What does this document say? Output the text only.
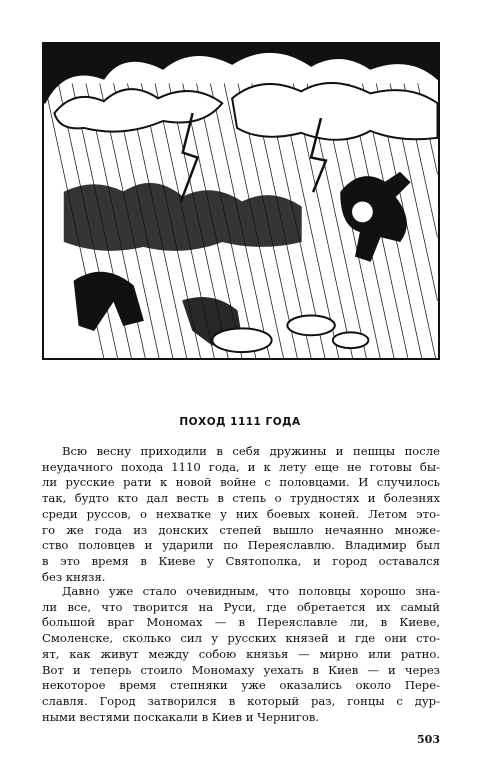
ПОХОД 1111 ГОДА
Всю весну приходили в себя дружины и пешцы после
неудачного похода 1110 года, и к лету еще не готовы бы-
ли русские рати к новой войне с половцами. И случилось
так, будто кто дал весть в степь о трудностях и болезнях
среди руссов, о нехватке у них боевых коней. Летом это-
го же года из донских степей вышло нечаянно множе-
ство половцев и ударили по Переяславлю. Владимир был
в это время в Киеве у Святополка, и город оставался
без князя.
Давно уже стало очевидным, что половцы хорошо зна-
ли все, что творится на Руси, где обретается их самый
большой враг Мономах — в Переяславле ли, в Киеве,
Смоленске, сколько сил у русских князей и где они сто-
ят, как живут между собою князья — мирно или ратно.
Вот и теперь стоило Мономаху уехать в Киев — и через
некоторое время степняки уже оказались около Пере-
славля. Город затворился в который раз, гонцы с дур-
ными вестями поскакали в Киев и Чернигов.
503
